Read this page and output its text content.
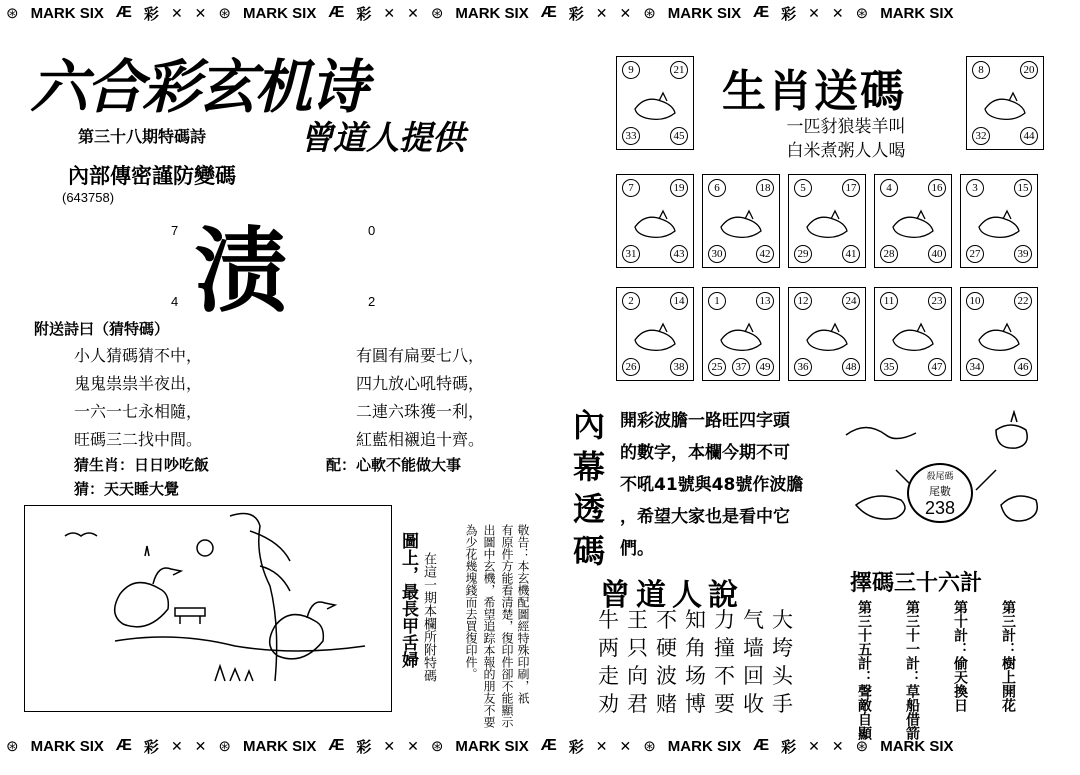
⊛ MARK SIX Ӕ 彩 ✕ ✕ ⊛ MARK SIX Ӕ 彩 ✕ ✕ ⊛ MARK SIX Ӕ 彩 ✕ ✕ ⊛ MARK SIX Ӕ 彩 ✕ ✕ ⊛ MARK SIX
⊛ MARK SIX Ӕ 彩 ✕ ✕ ⊛ MARK SIX Ӕ 彩 ✕ ✕ ⊛ MARK SIX Ӕ 彩 ✕ ✕ ⊛ MARK SIX Ӕ 彩 ✕ ✕ ⊛ MARK SIX
六合彩玄机诗
第三十八期特碼詩	曾道人提供
內部傳密謹防變碼
(643758)
渍
7	0
4	2
附送詩曰（猜特碼）
小人猜碼猜不中，
鬼鬼祟祟半夜出，
一六一七永相隨，
旺碼三二找中間。
有圓有扁要七八，
四九放心吼特碼，
二連六珠獲一利，
紅藍相襯追十齊。
猜生肖：日日吵吃飯	配：心軟不能做大事
猜：天天睡大覺
敬告：本玄機配圖經特殊印刷，祇
有原件方能看清楚，復印件卻不能顯示
出圖中玄機，希望追踪本報的朋友不要
為少花幾塊錢而去買復印件。
在這一期本欄所附特碼
圖上，最長甲舌婦
生肖送碼
一匹豺狼裝羊叫
白米煮粥人人喝
9	21
33	45
8	20
32	44
7	19
31	43
6	18
30	42
5	17
29	41
4	16
28	40
3	15
27	39
2	14
26	38
1	13
25	49
37
12	24
36	48
11	23
35	47
10	22
34	46
內幕透碼
開彩波膽一路旺四字頭
的數字，本欄今期不可
不吼41號與48號作波膽
，希望大家也是看中它
們。
殺尾碼
尾數
238
曾道人說
牛王不知力气大
两只硬角撞墙垮
走向波场不回头
劝君赌博要收手
擇碼三十六計
第三計：樹上開花
第十計：偷天換日
第三十一計：草船借箭
第三十五計：聲敵自顯
